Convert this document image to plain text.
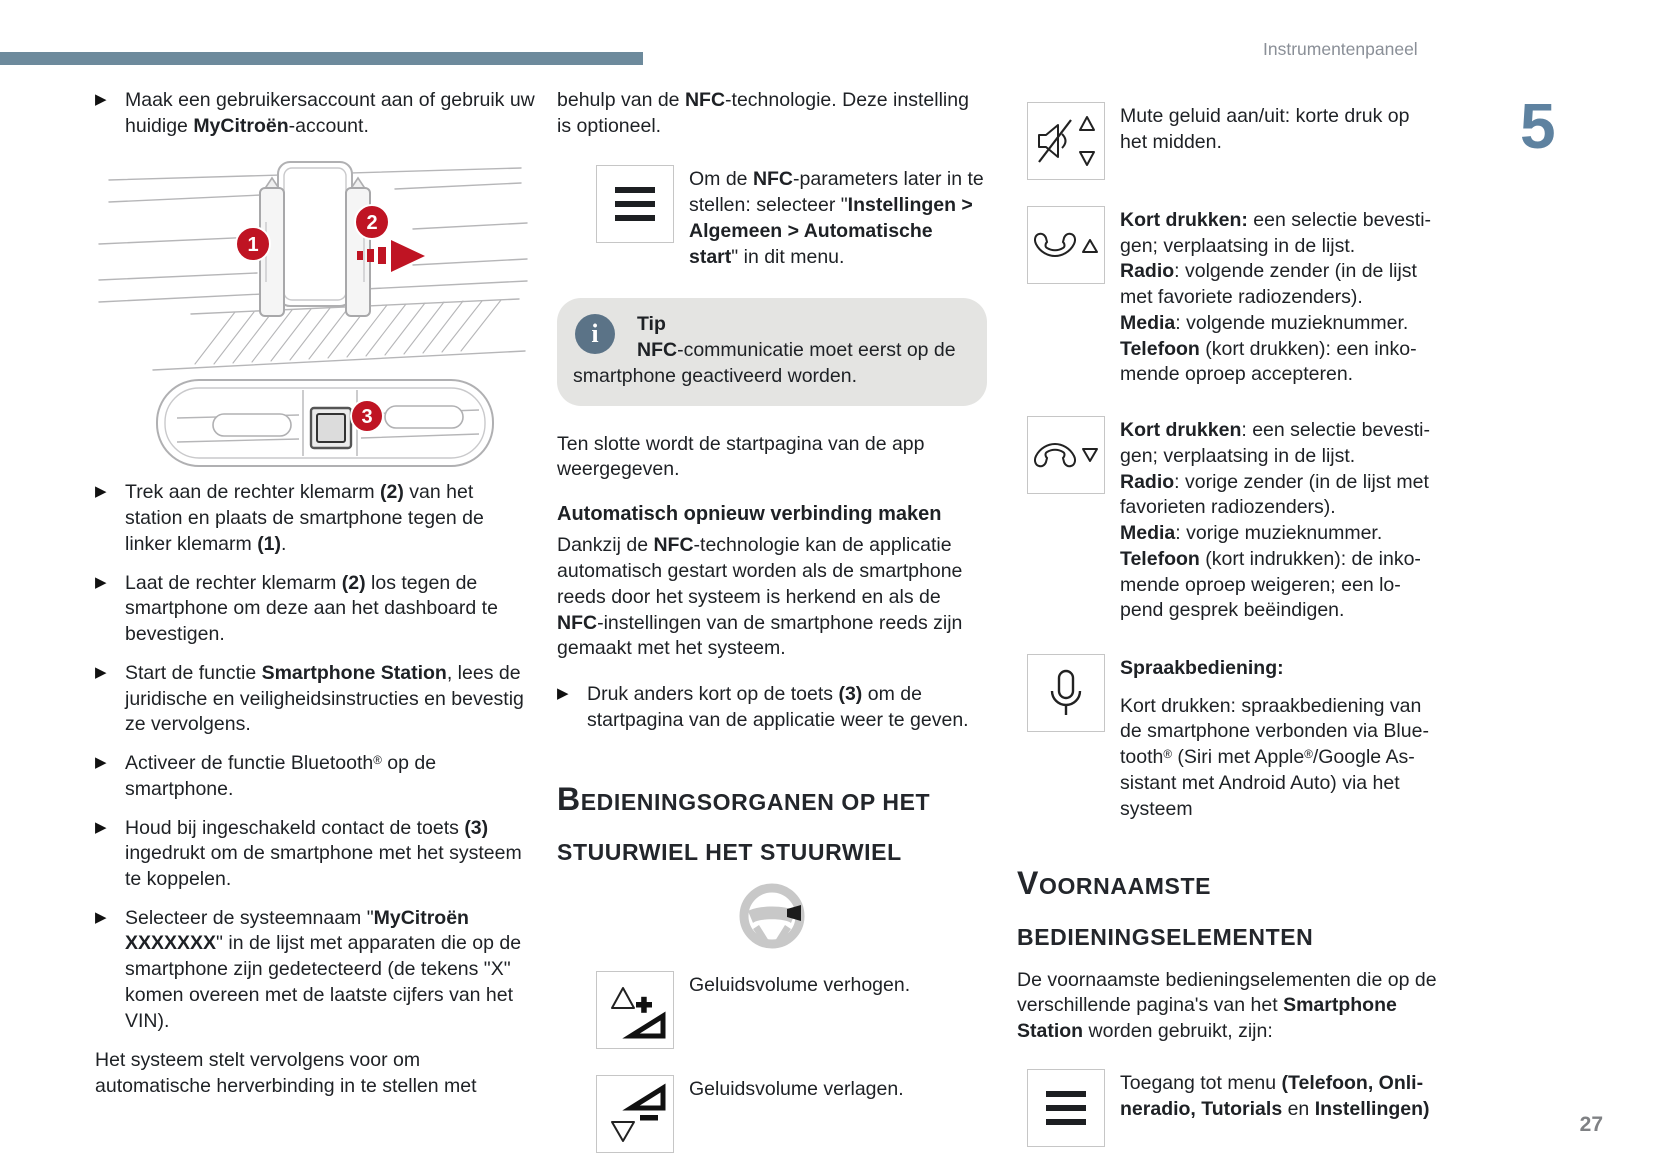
Instrumentenpaneel
5
27
▶ Maak een gebruikersaccount aan of gebruik uw huidige MyCitroën-account.
1
2
3
▶ Trek aan de rechter klemarm (2) van het station en plaats de smartphone tegen de linker klemarm (1).
▶ Laat de rechter klemarm (2) los tegen de smartphone om deze aan het dashboard te bevestigen.
▶ Start de functie Smartphone Station, lees de juridische en veiligheidsinstructies en bevestig ze vervolgens.
▶ Activeer de functie Bluetooth® op de smartphone.
▶ Houd bij ingeschakeld contact de toets (3) ingedrukt om de smartphone met het systeem te koppelen.
▶ Selecteer de systeemnaam "MyCitroën XXXXXXX" in de lijst met apparaten die op de smartphone zijn gedetecteerd (de tekens "X" komen overeen met de laatste cijfers van het VIN).
Het systeem stelt vervolgens voor om automatische herverbinding in te stellen met
behulp van de NFC-technologie. Deze instelling is optioneel.
Om de NFC-parameters later in te stellen: selecteer "Instellingen > Algemeen > Automatische start" in dit menu.
i	Tip
NFC-communicatie moet eerst op de smartphone geactiveerd worden.
Ten slotte wordt de startpagina van de app weergegeven.
Automatisch opnieuw verbinding maken
Dankzij de NFC-technologie kan de applicatie automatisch gestart worden als de smartphone reeds door het systeem is herkend en als de NFC-instellingen van de smartphone reeds zijn gemaakt met het systeem.
▶ Druk anders kort op de toets (3) om de startpagina van de applicatie weer te geven.
BEDIENINGSORGANEN OP HET STUURWIEL HET STUURWIEL
Geluidsvolume verhogen.
Geluidsvolume verlagen.
Mute geluid aan/uit: korte druk op
het midden.
Kort drukken: een selectie bevesti-
gen; verplaatsing in de lijst.
Radio: volgende zender (in de lijst
met favoriete radiozenders).
Media: volgende muzieknummer.
Telefoon (kort drukken): een inko-
mende oproep accepteren.
Kort drukken: een selectie bevesti-
gen; verplaatsing in de lijst.
Radio: vorige zender (in de lijst met
favorieten radiozenders).
Media: vorige muzieknummer.
Telefoon (kort indrukken): de inko-
mende oproep weigeren; een lo-
pend gesprek beëindigen.
Spraakbediening:
Kort drukken: spraakbediening van
de smartphone verbonden via Blue-
tooth® (Siri met Apple®/Google As-
sistant met Android Auto) via het
systeem
VOORNAAMSTE BEDIENINGSELEMENTEN
De voornaamste bedieningselementen die op de verschillende pagina's van het Smartphone Station worden gebruikt, zijn:
Toegang tot menu (Telefoon, Onli-
neradio, Tutorials en Instellingen)
